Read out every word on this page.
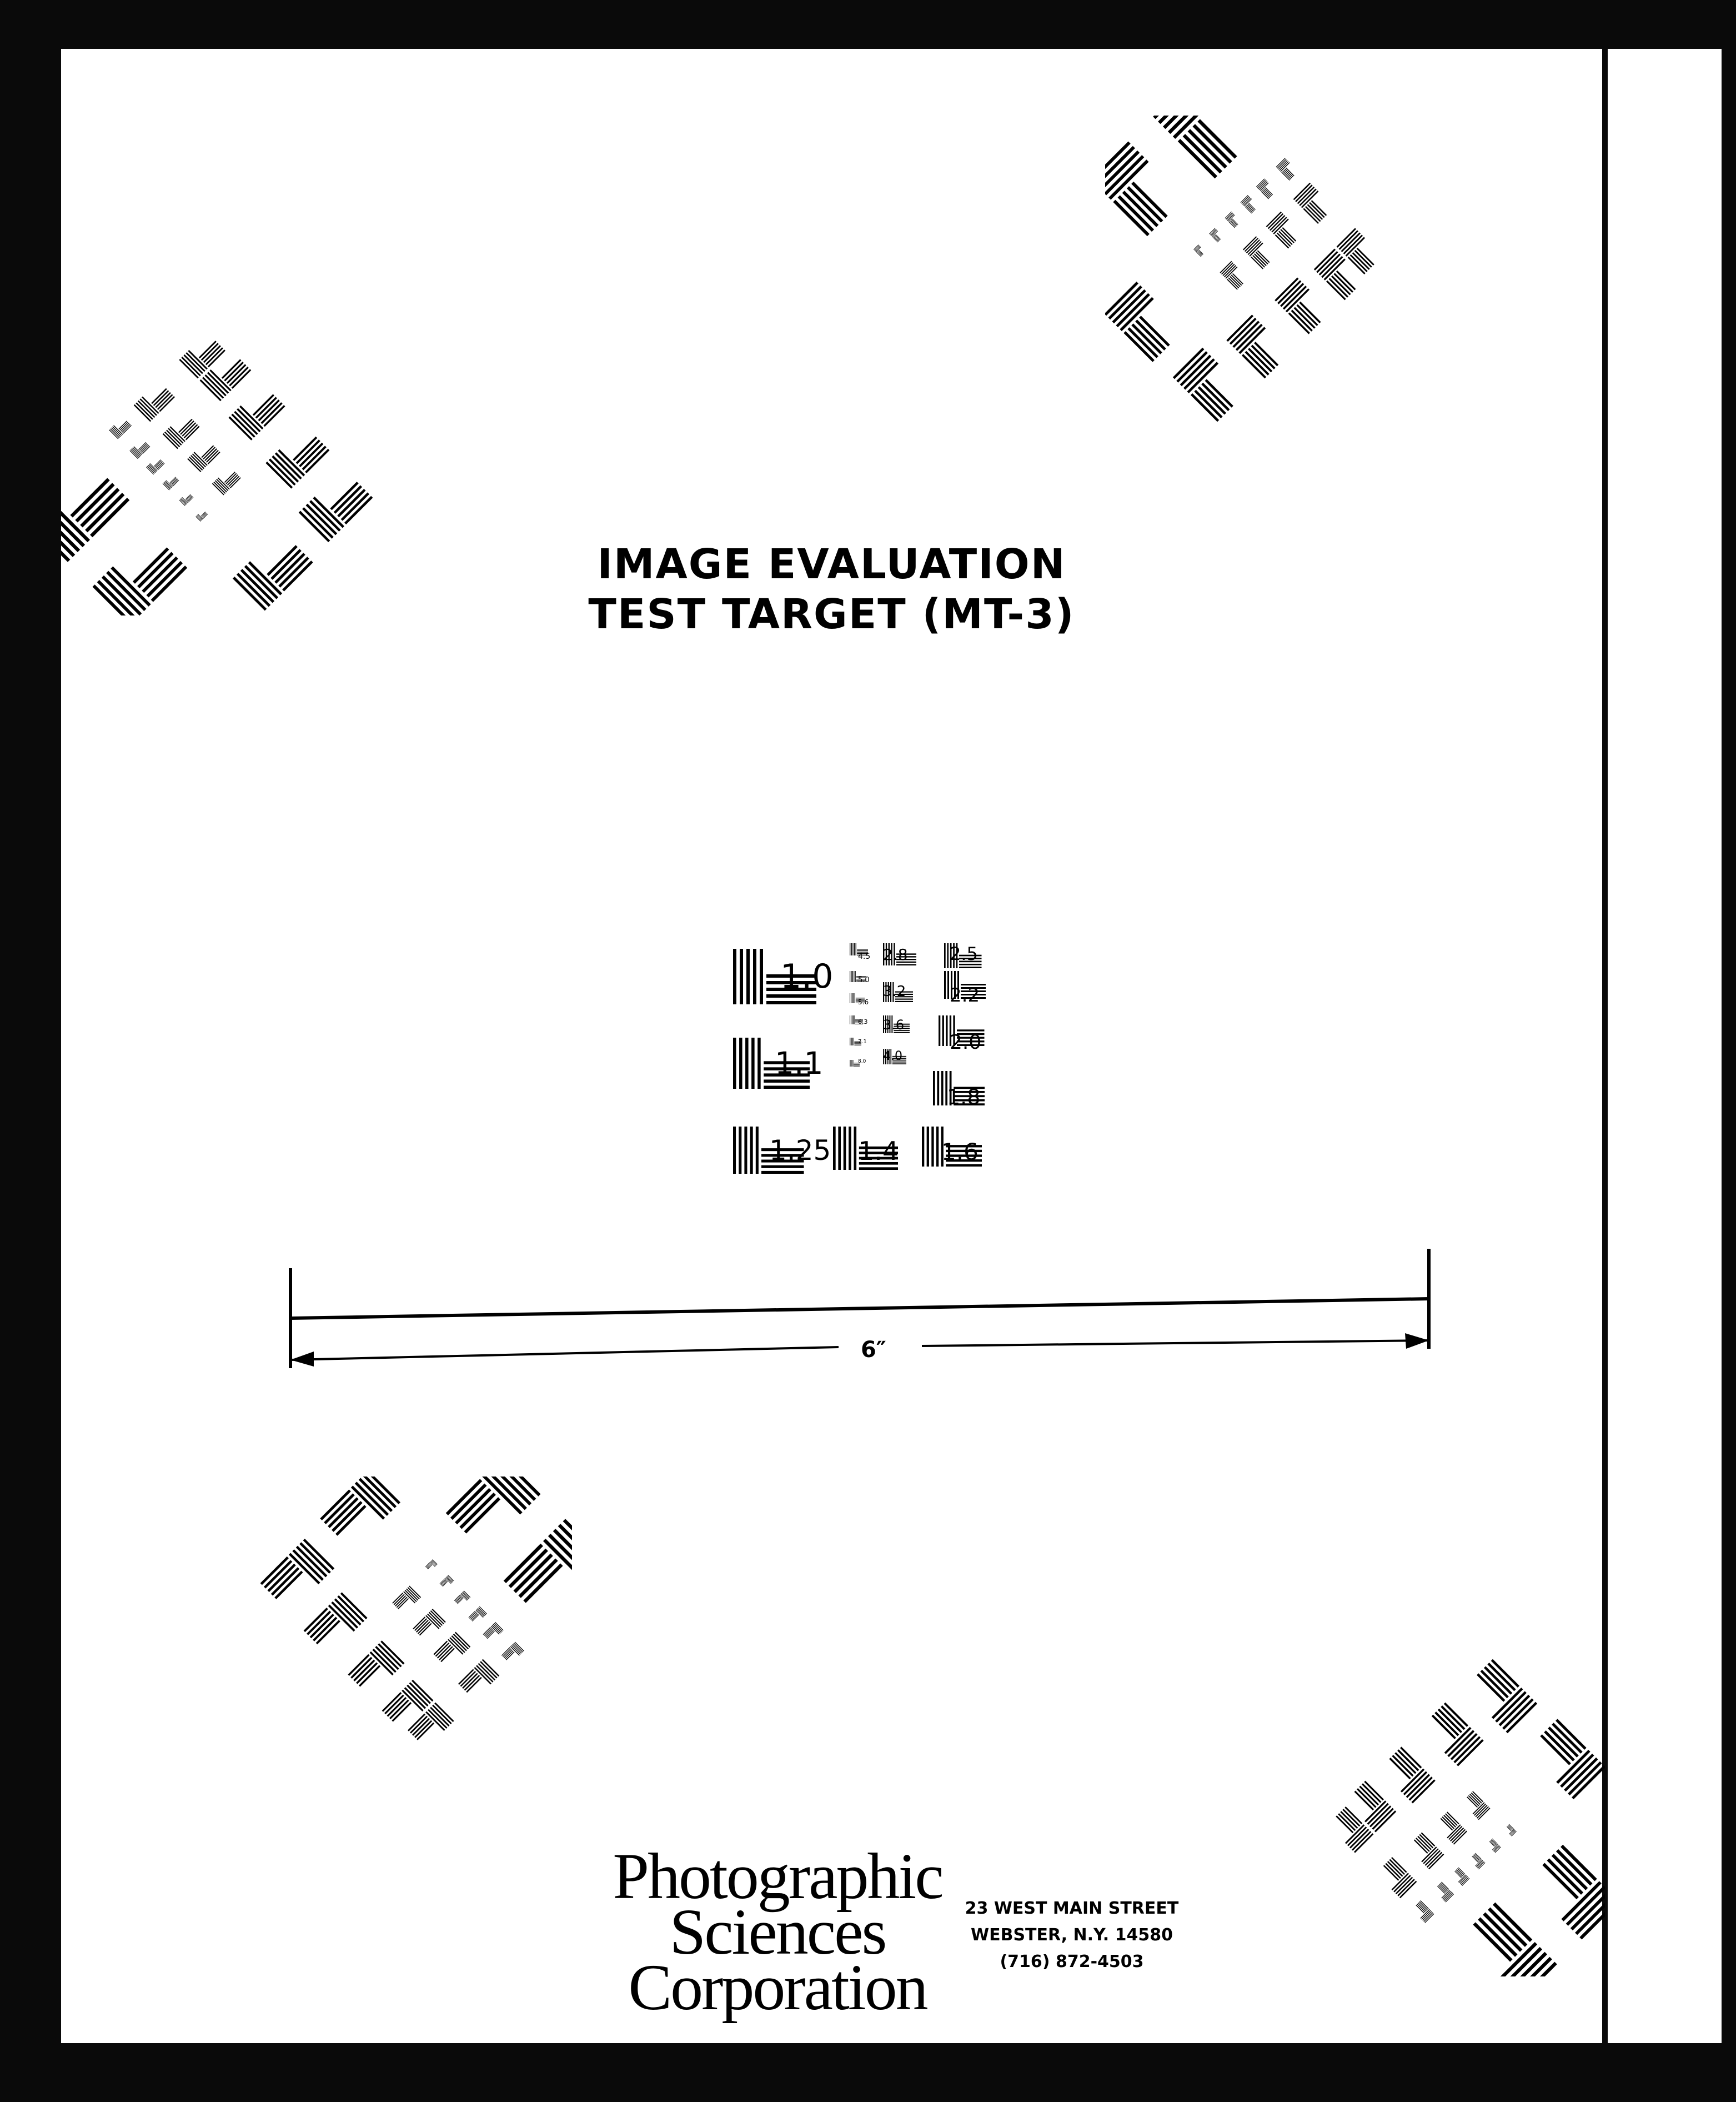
IMAGE EVALUATION
TEST TARGET (MT-3)
1.0
1.1
1.25 1.4 1.6
1.8
2.0
2.2
2.5
2.8
3.2
3.6
4.0
4.5
5.0
5.6
6.3
7.1
8.0
6″
Photographic
Sciences
Corporation
23 WEST MAIN STREET
WEBSTER, N.Y. 14580
(716) 872-4503
